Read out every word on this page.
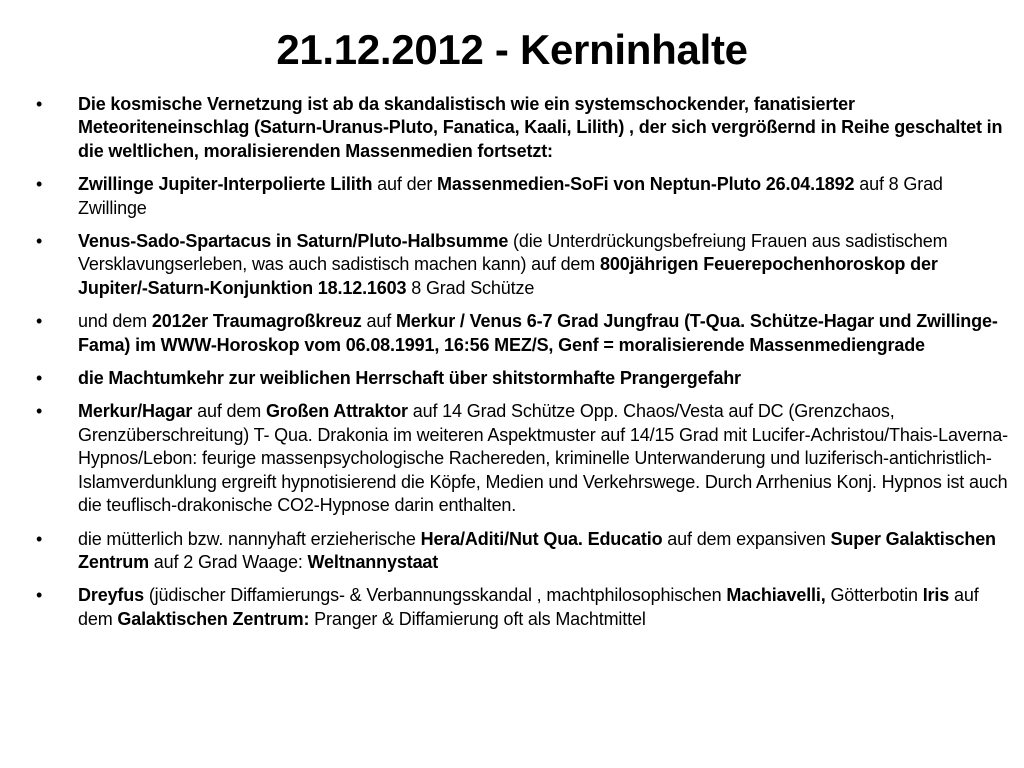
21.12.2012 - Kerninhalte
•	Die kosmische Vernetzung ist ab da skandalistisch wie ein systemschockender, fanatisierter Meteoriteneinschlag (Saturn-Uranus-Pluto, Fanatica, Kaali, Lilith) , der sich vergrößernd in Reihe geschaltet in die weltlichen, moralisierenden Massenmedien fortsetzt:
•	Zwillinge Jupiter-Interpolierte Lilith auf der Massenmedien-SoFi von Neptun-Pluto 26.04.1892 auf 8 Grad Zwillinge
•	Venus-Sado-Spartacus in Saturn/Pluto-Halbsumme (die Unterdrückungsbefreiung Frauen aus sadistischem Versklavungserleben, was auch sadistisch machen kann) auf dem 800jährigen Feuerepochenhoroskop der Jupiter/-Saturn-Konjunktion 18.12.1603 8 Grad Schütze
•	und dem 2012er Traumagroßkreuz auf Merkur / Venus 6-7 Grad Jungfrau (T-Qua. Schütze-Hagar und Zwillinge-Fama) im WWW-Horoskop vom 06.08.1991, 16:56 MEZ/S, Genf = moralisierende Massenmediengrade
•	die Machtumkehr zur weiblichen Herrschaft über shitstormhafte Prangergefahr
•	Merkur/Hagar auf dem Großen Attraktor auf 14 Grad Schütze Opp. Chaos/Vesta auf DC (Grenzchaos, Grenzüberschreitung) T- Qua. Drakonia im weiteren Aspektmuster auf 14/15 Grad mit Lucifer-Achristou/Thais-Laverna-Hypnos/Lebon: feurige massenpsychologische Rachereden, kriminelle Unterwanderung und luziferisch-antichristlich-Islamverdunklung ergreift hypnotisierend die Köpfe, Medien und Verkehrswege. Durch Arrhenius Konj. Hypnos ist auch die teuflisch-drakonische CO2-Hypnose darin enthalten.
•	die mütterlich bzw. nannyhaft erzieherische Hera/Aditi/Nut Qua. Educatio auf dem expansiven Super Galaktischen Zentrum auf 2 Grad Waage: Weltnannystaat
•	Dreyfus (jüdischer Diffamierungs- & Verbannungsskandal , machtphilosophischen Machiavelli, Götterbotin Iris auf dem Galaktischen Zentrum: Pranger & Diffamierung oft als Machtmittel
